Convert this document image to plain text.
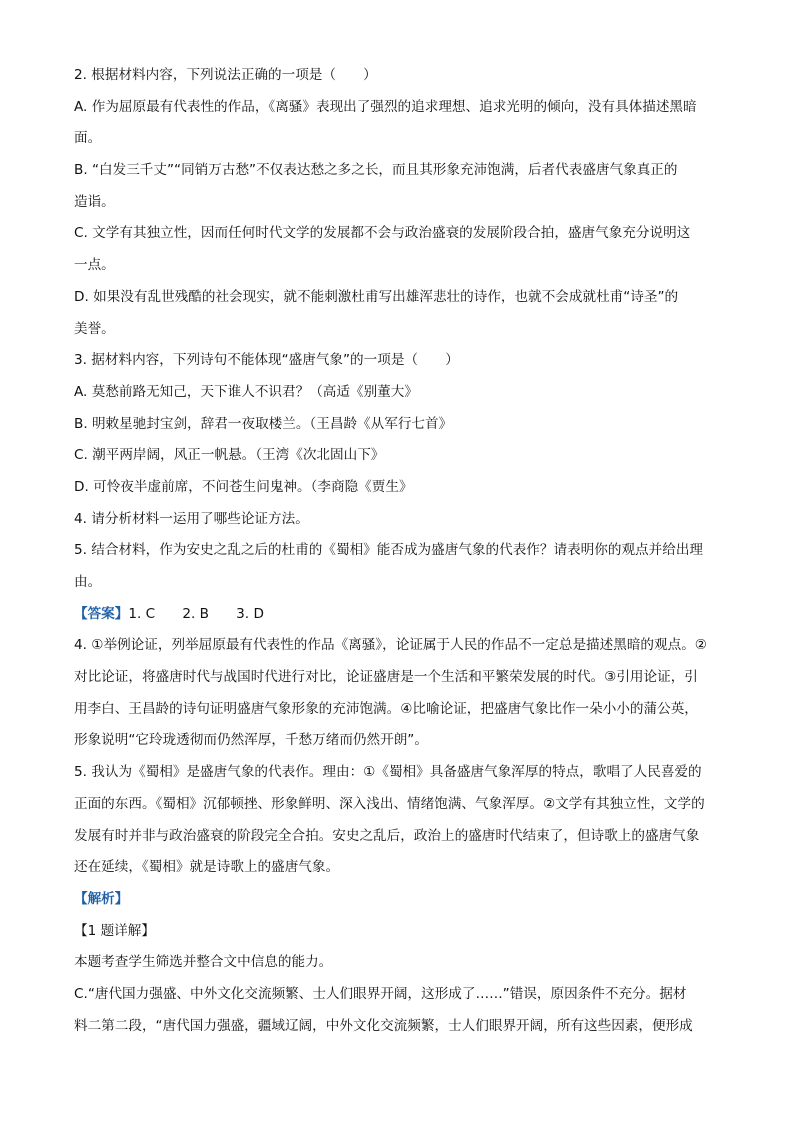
2. 根据材料内容，下列说法正确的一项是（　　）
A. 作为屈原最有代表性的作品，《离骚》表现出了强烈的追求理想、追求光明的倾向，没有具体描述黑暗
面。
B. “白发三千丈”“同销万古愁”不仅表达愁之多之长，而且其形象充沛饱满，后者代表盛唐气象真正的
造诣。
C. 文学有其独立性，因而任何时代文学的发展都不会与政治盛衰的发展阶段合拍，盛唐气象充分说明这
一点。
D. 如果没有乱世残酷的社会现实，就不能刺激杜甫写出雄浑悲壮的诗作，也就不会成就杜甫“诗圣”的
美誉。
3. 据材料内容，下列诗句不能体现“盛唐气象”的一项是（　　）
A. 莫愁前路无知己，天下谁人不识君？（高适《别董大》
B. 明敕星驰封宝剑，辞君一夜取楼兰。（王昌龄《从军行七首》
C. 潮平两岸阔，风正一帆悬。（王湾《次北固山下》
D. 可怜夜半虚前席，不问苍生问鬼神。（李商隐《贾生》
4. 请分析材料一运用了哪些论证方法。
5. 结合材料，作为安史之乱之后的杜甫的《蜀相》能否成为盛唐气象的代表作？请表明你的观点并给出理
由。
【答案】1. C　　2. B　　3. D
4. ①举例论证，列举屈原最有代表性的作品《离骚》，论证属于人民的作品不一定总是描述黑暗的观点。②
对比论证，将盛唐时代与战国时代进行对比，论证盛唐是一个生活和平繁荣发展的时代。③引用论证，引
用李白、王昌龄的诗句证明盛唐气象形象的充沛饱满。④比喻论证，把盛唐气象比作一朵小小的蒲公英，
形象说明“它玲珑透彻而仍然浑厚，千愁万绪而仍然开朗”。
5. 我认为《蜀相》是盛唐气象的代表作。理由：①《蜀相》具备盛唐气象浑厚的特点，歌唱了人民喜爱的
正面的东西。《蜀相》沉郁顿挫、形象鲜明、深入浅出、情绪饱满、气象浑厚。②文学有其独立性，文学的
发展有时并非与政治盛衰的阶段完全合拍。安史之乱后，政治上的盛唐时代结束了，但诗歌上的盛唐气象
还在延续，《蜀相》就是诗歌上的盛唐气象。
【解析】
【1 题详解】
本题考查学生筛选并整合文中信息的能力。
C.“唐代国力强盛、中外文化交流频繁、士人们眼界开阔，这形成了……”错误，原因条件不充分。据材
料二第二段，“唐代国力强盛，疆域辽阔，中外文化交流频繁，士人们眼界开阔，所有这些因素，便形成
